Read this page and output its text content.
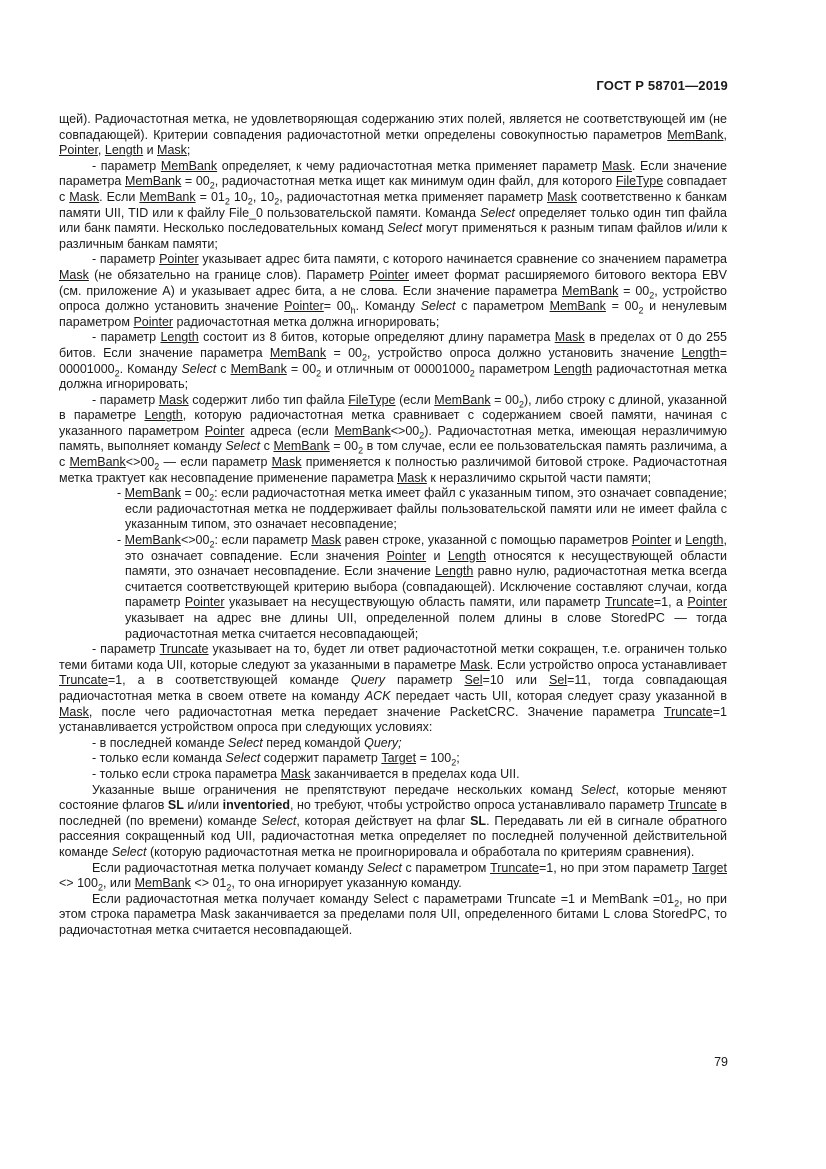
ГОСТ Р 58701—2019

щей). Радиочастотная метка, не удовлетворяющая содержанию этих полей, является не соответствующей им (не совпадающей). Критерии совпадения радиочастотной метки определены совокупностью параметров MemBank, Pointer, Length и Mask;

- параметр MemBank определяет, к чему радиочастотная метка применяет параметр Mask. Если значение параметра MemBank = $00_2$, радиочастотная метка ищет как минимум один файл, для которого FileType совпадает с Mask. Если MemBank = $01_2$ $10_2$, $10_2$, радиочастотная метка применяет параметр Mask соответственно к банкам памяти UII, TID или к файлу File_0 пользовательской памяти. Команда Select определяет только один тип файла или банк памяти. Несколько последовательных команд Select могут применяться к разным типам файлов и/или к различным банкам памяти;

- параметр Pointer указывает адрес бита памяти, с которого начинается сравнение со значением параметра Mask (не обязательно на границе слов). Параметр Pointer имеет формат расширяемого битового вектора EBV (см. приложение А) и указывает адрес бита, а не слова. Если значение параметра MemBank = $00_2$, устройство опроса должно установить значение Pointer= $00_h$. Команду Select с параметром MemBank = $00_2$ и ненулевым параметром Pointer радиочастотная метка должна игнорировать;

- параметр Length состоит из 8 битов, которые определяют длину параметра Mask в пределах от 0 до 255 битов. Если значение параметра MemBank = $00_2$, устройство опроса должно установить значение Length= $00001000_2$. Команду Select с MemBank = $00_2$ и отличным от $00001000_2$ параметром Length радиочастотная метка должна игнорировать;

- параметр Mask содержит либо тип файла FileType (если MemBank = $00_2$), либо строку с длиной, указанной в параметре Length, которую радиочастотная метка сравнивает с содержанием своей памяти, начиная с указанного параметром Pointer адреса (если $MemBank<>00_2$). Радиочастотная метка, имеющая неразличимую память, выполняет команду Select с MemBank = $00_2$ в том случае, если ее пользовательская память различима, а с $MemBank<>00_2$ — если параметр Mask применяется к полностью различимой битовой строке. Радиочастотная метка трактует как несовпадение применение параметра Mask к неразличимо скрытой части памяти;

- MemBank = $00_2$: если радиочастотная метка имеет файл с указанным типом, это означает совпадение; если радиочастотная метка не поддерживает файлы пользовательской памяти или не имеет файла с указанным типом, это означает несовпадение;

- $MemBank<>00_2$: если параметр Mask равен строке, указанной с помощью параметров Pointer и Length, это означает совпадение. Если значения Pointer и Length относятся к несуществующей области памяти, это означает несовпадение. Если значение Length равно нулю, радиочастотная метка всегда считается соответствующей критерию выбора (совпадающей). Исключение составляют случаи, когда параметр Pointer указывает на несуществующую область памяти, или параметр Truncate=1, а Pointer указывает на адрес вне длины UII, определенной полем длины в слове StoredPC — тогда радиочастотная метка считается несовпадающей;

- параметр Truncate указывает на то, будет ли ответ радиочастотной метки сокращен, т.е. ограничен только теми битами кода UII, которые следуют за указанными в параметре Mask. Если устройство опроса устанавливает Truncate=1, а в соответствующей команде Query параметр Sel=10 или Sel=11, тогда совпадающая радиочастотная метка в своем ответе на команду ACK передает часть UII, которая следует сразу указанной в Mask, после чего радиочастотная метка передает значение PacketCRC. Значение параметра Truncate=1 устанавливается устройством опроса при следующих условиях:

- в последней команде Select перед командой Query;

- только если команда Select содержит параметр Target = $100_2$;

- только если строка параметра Mask заканчивается в пределах кода UII.

Указанные выше ограничения не препятствуют передаче нескольких команд Select, которые меняют состояние флагов SL и/или inventoried, но требуют, чтобы устройство опроса устанавливало параметр Truncate в последней (по времени) команде Select, которая действует на флаг SL. Передавать ли ей в сигнале обратного рассеяния сокращенный код UII, радиочастотная метка определяет по последней полученной действительной команде Select (которую радиочастотная метка не проигнорировала и обработала по критериям сравнения).

Если радиочастотная метка получает команду Select с параметром Truncate=1, но при этом параметр Target <> $100_2$, или MemBank <> $01_2$, то она игнорирует указанную команду.

Если радиочастотная метка получает команду Select с параметрами Truncate =1 и MemBank $=01_2$, но при этом строка параметра Mask заканчивается за пределами поля UII, определенного битами L слова StoredPC, то радиочастотная метка считается несовпадающей.

79
